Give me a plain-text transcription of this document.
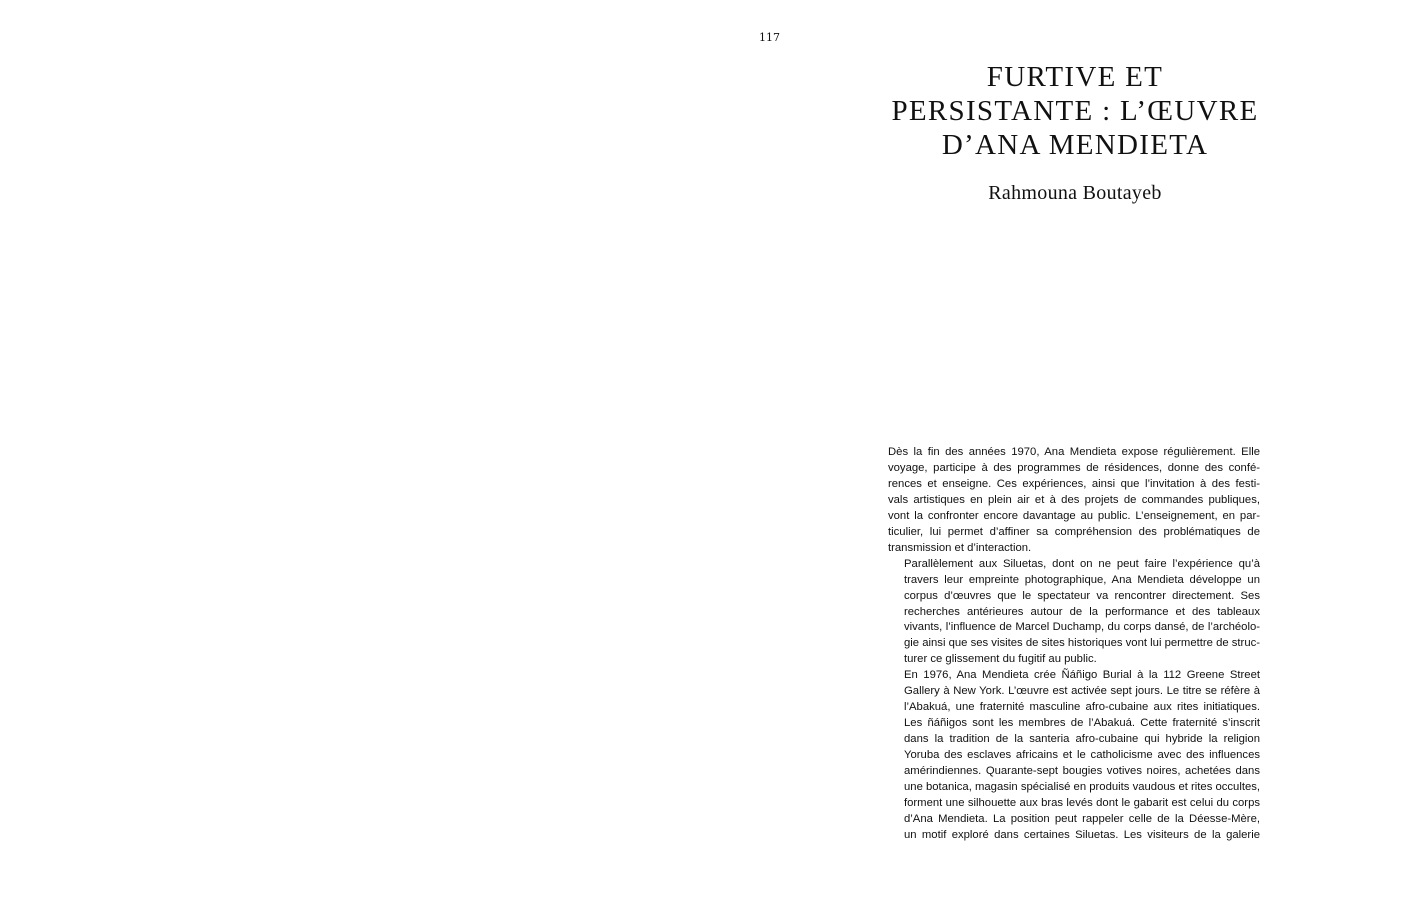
117
FURTIVE ET
PERSISTANTE : L’ŒUVRE
D’ANA MENDIETA
Rahmouna Boutayeb

Dès la fin des années 1970, Ana Mendieta expose régulièrement. Elle
voyage, participe à des programmes de résidences, donne des confé-
rences et enseigne. Ces expériences, ainsi que l’invitation à des festi-
vals artistiques en plein air et à des projets de commandes publiques,
vont la confronter encore davantage au public. L’enseignement, en par-
ticulier, lui permet d’affiner sa compréhension des problématiques de
transmission et d’interaction.

Parallèlement aux Siluetas, dont on ne peut faire l’expérience qu’à
travers leur empreinte photographique, Ana Mendieta développe un
corpus d’œuvres que le spectateur va rencontrer directement. Ses
recherches antérieures autour de la performance et des tableaux
vivants, l’influence de Marcel Duchamp, du corps dansé, de l’archéolo-
gie ainsi que ses visites de sites historiques vont lui permettre de struc-
turer ce glissement du fugitif au public.

En 1976, Ana Mendieta crée Ñáñigo Burial à la 112 Greene Street
Gallery à New York. L’œuvre est activée sept jours. Le titre se réfère à
l’Abakuá, une fraternité masculine afro-cubaine aux rites initiatiques.
Les ñáñigos sont les membres de l’Abakuá. Cette fraternité s’inscrit
dans la tradition de la santeria afro-cubaine qui hybride la religion
Yoruba des esclaves africains et le catholicisme avec des influences
amérindiennes. Quarante-sept bougies votives noires, achetées dans
une botanica, magasin spécialisé en produits vaudous et rites occultes,
forment une silhouette aux bras levés dont le gabarit est celui du corps
d’Ana Mendieta. La position peut rappeler celle de la Déesse-Mère,
un motif exploré dans certaines Siluetas. Les visiteurs de la galerie
